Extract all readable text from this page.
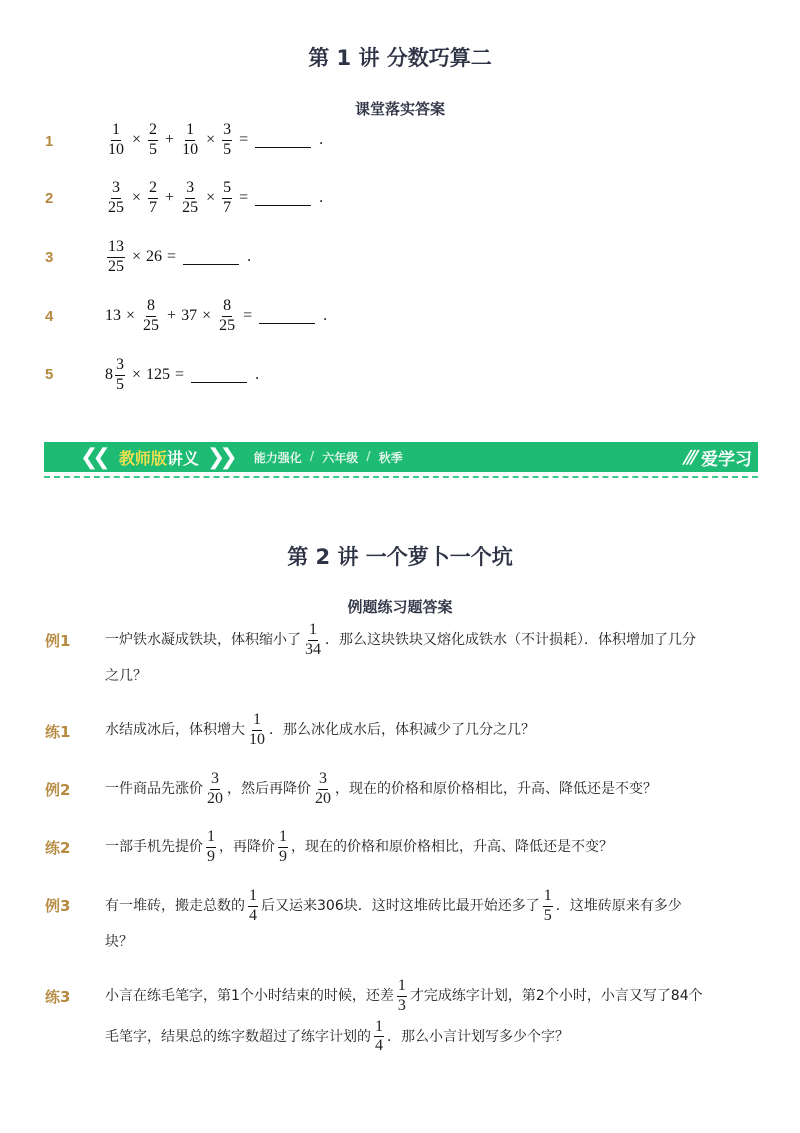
第 1 讲 分数巧算二
课堂落实答案
1	$\frac{1}{10} \times \frac{2}{5} + \frac{1}{10} \times \frac{3}{5}$ =	.
2	$\frac{3}{25} \times \frac{2}{7} + \frac{3}{25} \times \frac{5}{7}$ =	.
3	$\frac{13}{25} \times 26$ =	.
4	$13 \times \frac{8}{25} + 37 \times \frac{8}{25}$ =	.
5	$8 \frac{3}{5} \times 125$ =	.
❮❮ 教师版讲义 ❯❯ 能力强化 / 六年级 / 秋季	/// 爱学习
第 2 讲 一个萝卜一个坑
例题练习题答案
例1 一炉铁水凝成铁块，体积缩小了 $\frac{1}{34}$ ．那么这块铁块又熔化成铁水（不计损耗）．体积增加了几分
之几？
练1 水结成冰后，体积增大 $\frac{1}{10}$ ．那么冰化成水后，体积减少了几分之几？
例2 一件商品先涨价 $\frac{3}{20}$ ，然后再降价 $\frac{3}{20}$ ，现在的价格和原价格相比，升高、降低还是不变？
练2 一部手机先提价 $\frac{1}{9}$ ，再降价 $\frac{1}{9}$ ，现在的价格和原价格相比，升高、降低还是不变？
例3 有一堆砖，搬走总数的 $\frac{1}{4}$ 后又运来306块．这时这堆砖比最开始还多了 $\frac{1}{5}$ ．这堆砖原来有多少
块？
练3 小言在练毛笔字，第1个小时结束的时候，还差 $\frac{1}{3}$ 才完成练字计划，第2个小时，小言又写了84个
毛笔字，结果总的练字数超过了练字计划的 $\frac{1}{4}$ ．那么小言计划写多少个字？
